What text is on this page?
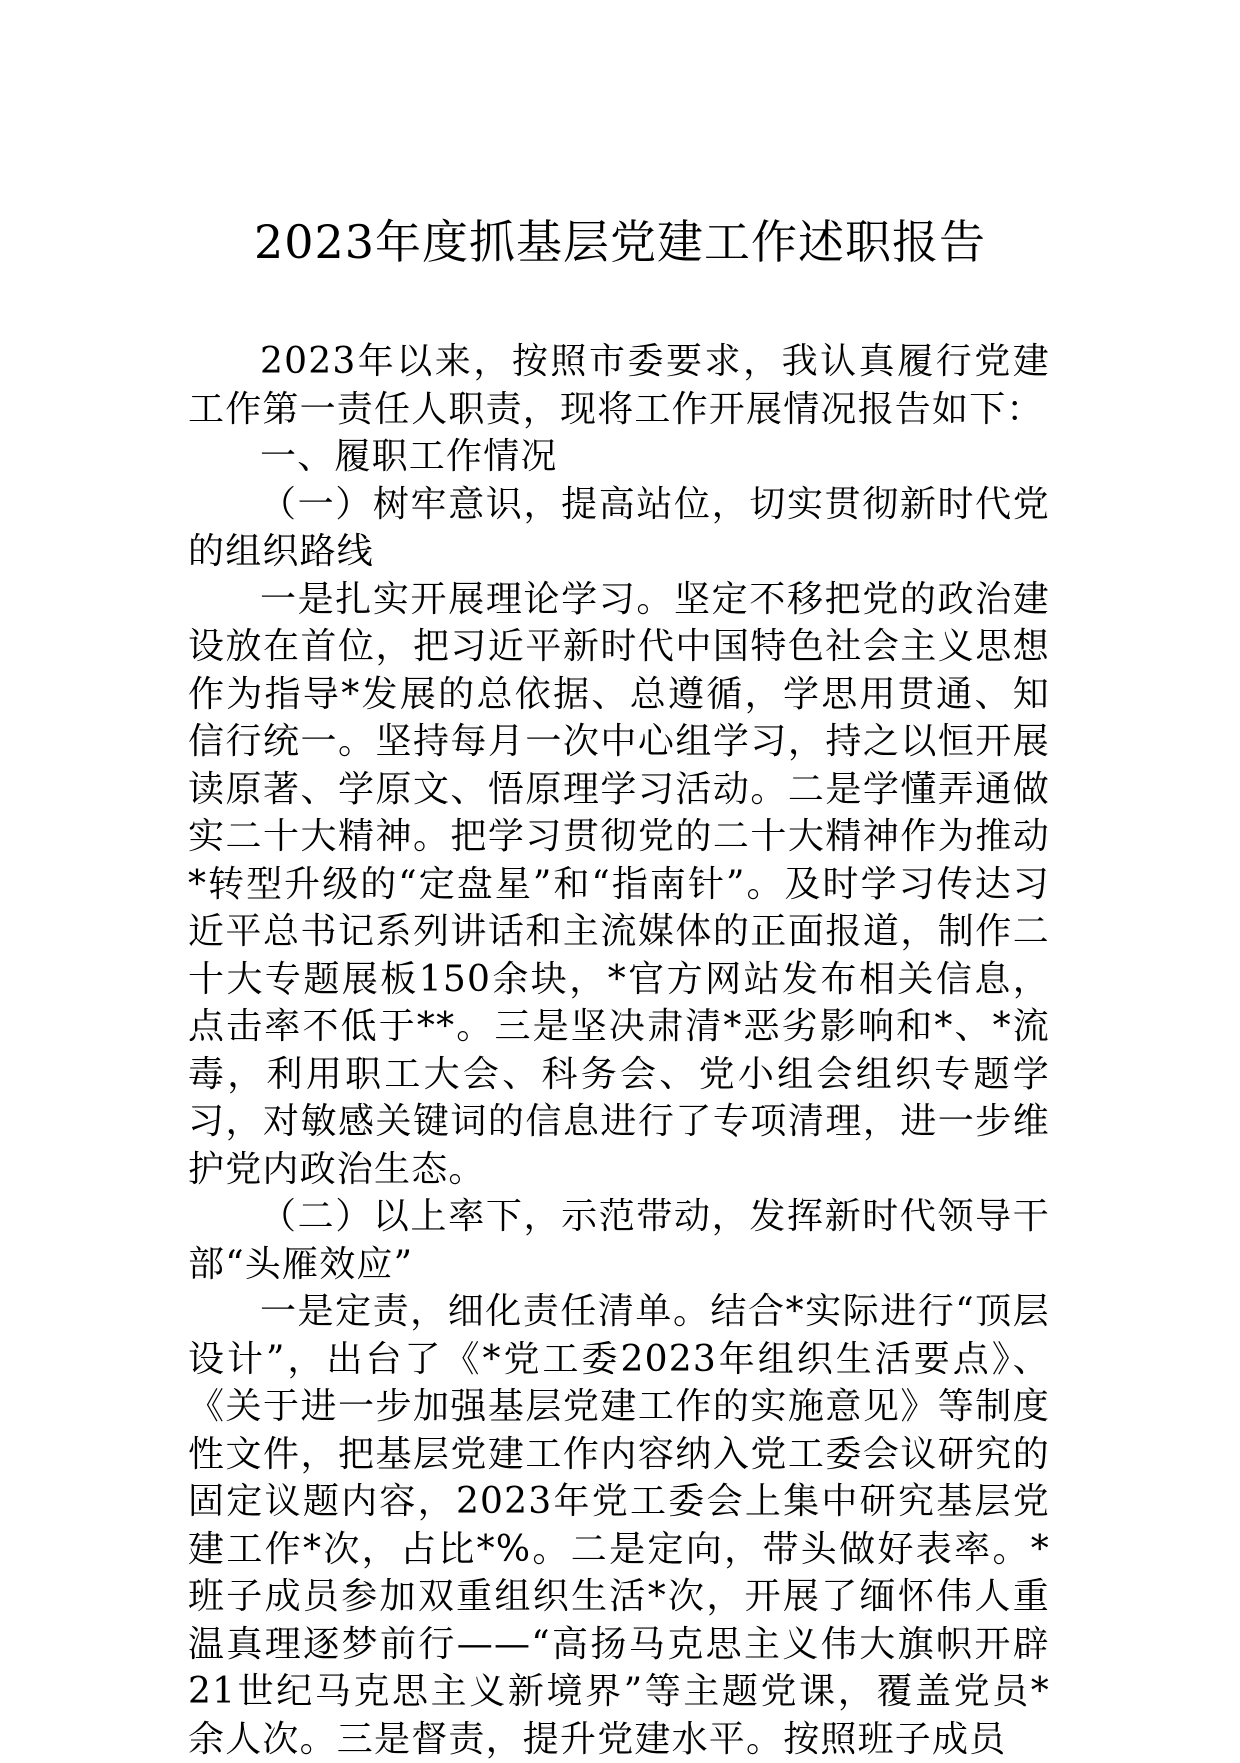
2023年度抓基层党建工作述职报告

2023年以来，按照市委要求，我认真履行党建工作第一责任人职责，现将工作开展情况报告如下：

一、履职工作情况

（一）树牢意识，提高站位，切实贯彻新时代党的组织路线

一是扎实开展理论学习。坚定不移把党的政治建设放在首位，把习近平新时代中国特色社会主义思想作为指导*发展的总依据、总遵循，学思用贯通、知信行统一。坚持每月一次中心组学习，持之以恒开展读原著、学原文、悟原理学习活动。二是学懂弄通做实二十大精神。把学习贯彻党的二十大精神作为推动*转型升级的“定盘星”和“指南针”。及时学习传达习近平总书记系列讲话和主流媒体的正面报道，制作二十大专题展板150余块，*官方网站发布相关信息，点击率不低于**。三是坚决肃清*恶劣影响和*、*流毒，利用职工大会、科务会、党小组会组织专题学习，对敏感关键词的信息进行了专项清理，进一步维护党内政治生态。

（二）以上率下，示范带动，发挥新时代领导干部“头雁效应”

一是定责，细化责任清单。结合*实际进行“顶层设计”，出台了《*党工委2023年组织生活要点》、《关于进一步加强基层党建工作的实施意见》等制度性文件，把基层党建工作内容纳入党工委会议研究的固定议题内容，2023年党工委会上集中研究基层党建工作*次，占比*%。二是定向，带头做好表率。*班子成员参加双重组织生活*次，开展了缅怀伟人重温真理逐梦前行——“高扬马克思主义伟大旗帜开辟21世纪马克思主义新境界”等主题党课，覆盖党员*余人次。三是督责，提升党建水平。按照班子成员
